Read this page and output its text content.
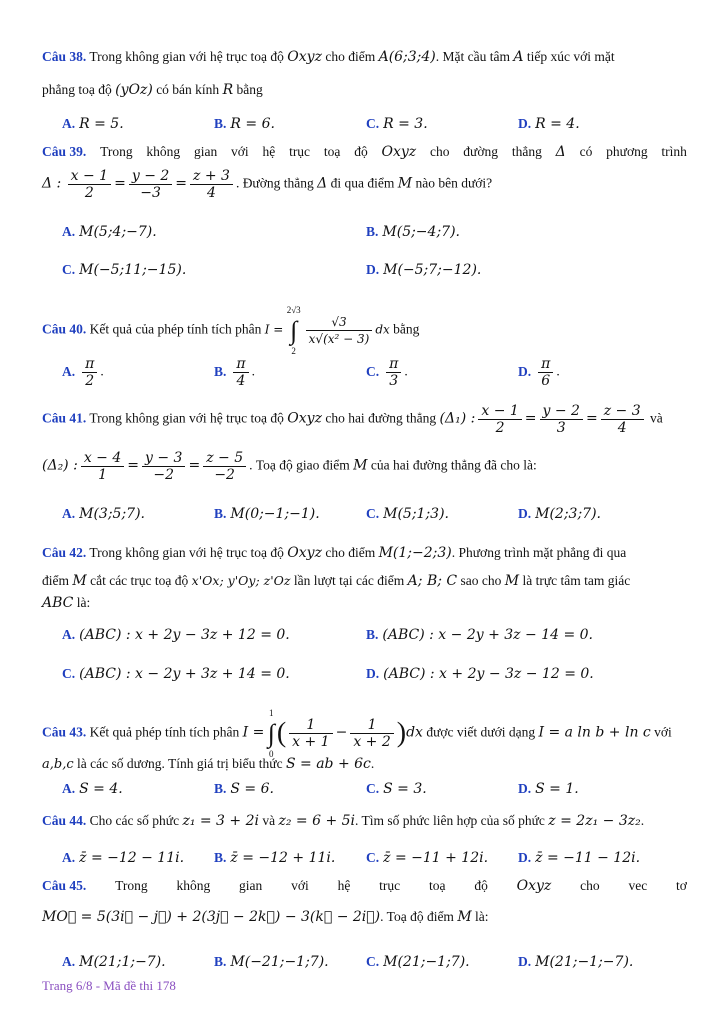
Câu 38. Trong không gian với hệ trục toạ độ Oxyz cho điểm A(6;3;4). Mặt cầu tâm A tiếp xúc với mặt
phẳng toạ độ (yOz) có bán kính R bằng
A. R = 5.	B. R = 6.	C. R = 3.	D. R = 4.
Câu 39. Trong không gian với hệ trục toạ độ Oxyz cho đường thẳng Δ có phương trình
Δ : $\frac{x - 1}{2} = \frac{y - 2}{-3} = \frac{z + 3}{4}$ . Đường thẳng Δ đi qua điểm M nào bên dưới?
A. M(5;4;−7).	B. M(5;−4;7).
C. M(−5;11;−15).	D. M(−5;7;−12).
Câu 40. Kết quả của phép tính tích phân I =
2√3
∫
2
$\frac{√3}{\text{x√(x² − 3)}}$ dx bằng
A. $\frac{\pi}{2}$ .	B. $\frac{\pi}{4}$ .	C. $\frac{\pi}{3}$ .	D. $\frac{\pi}{6}$ .
Câu 41. Trong không gian với hệ trục toạ độ Oxyz cho hai đường thẳng (Δ₁) : $\frac{x - 1}{2} = \frac{y - 2}{3} = \frac{z - 3}{4}$ và
(Δ₂) : $\frac{x - 4}{1} = \frac{y - 3}{-2} = \frac{z - 5}{-2}$ . Toạ độ giao điểm M của hai đường thẳng đã cho là:
A. M(3;5;7).	B. M(0;−1;−1).	C. M(5;1;3).	D. M(2;3;7).
Câu 42. Trong không gian với hệ trục toạ độ Oxyz cho điểm M(1;−2;3). Phương trình mặt phẳng đi qua
điểm M cắt các trục toạ độ x'Ox; y'Oy; z'Oz lần lượt tại các điểm A; B; C sao cho M là trực tâm tam giác
ABC là:
A. (ABC) : x + 2y − 3z + 12 = 0.	B. (ABC) : x − 2y + 3z − 14 = 0.
C. (ABC) : x − 2y + 3z + 14 = 0.	D. (ABC) : x + 2y − 3z − 12 = 0.
Câu 43. Kết quả phép tính tích phân I =
1
∫
0
( $\frac{1}{x + 1} - \frac{1}{x + 2} )dx$ được viết dưới dạng I = a ln b + ln c với
a,b,c là các số dương. Tính giá trị biểu thức S = ab + 6c.
A. S = 4.	B. S = 6.	C. S = 3.	D. S = 1.
Câu 44. Cho các số phức z₁ = 3 + 2i và z₂ = 6 + 5i. Tìm số phức liên hợp của số phức z = 2z₁ − 3z₂.
A. z̄ = −12 − 11i. B. z̄ = −12 + 11i. C. z̄ = −11 + 12i. D. z̄ = −11 − 12i.
Câu 45. Trong không gian với hệ trục toạ độ Oxyz cho vec tơ
MO⃗ = 5(3i⃗ − j⃗) + 2(3j⃗ − 2k⃗) − 3(k⃗ − 2i⃗). Toạ độ điểm M là:
A. M(21;1;−7).	B. M(−21;−1;7).	C. M(21;−1;7).	D. M(21;−1;−7).
Trang 6/8 - Mã đề thi 178
